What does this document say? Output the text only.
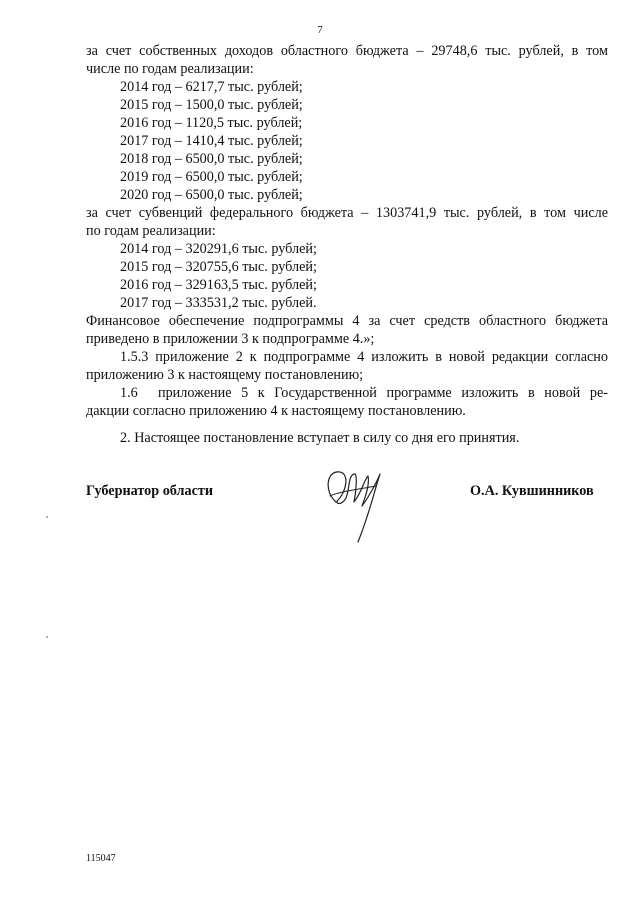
7
за счет собственных доходов областного бюджета – 29748,6 тыс. рублей, в том
числе по годам реализации:
2014 год – 6217,7 тыс. рублей;
2015 год – 1500,0 тыс. рублей;
2016 год – 1120,5 тыс. рублей;
2017 год – 1410,4 тыс. рублей;
2018 год – 6500,0 тыс. рублей;
2019 год – 6500,0 тыс. рублей;
2020 год – 6500,0 тыс. рублей;
за счет субвенций федерального бюджета – 1303741,9 тыс. рублей, в том числе
по годам реализации:
2014 год – 320291,6 тыс. рублей;
2015 год – 320755,6 тыс. рублей;
2016 год – 329163,5 тыс. рублей;
2017 год – 333531,2 тыс. рублей.
Финансовое обеспечение подпрограммы 4 за счет средств областного бюджета
приведено в приложении 3 к подпрограмме 4.»;
1.5.3 приложение 2 к подпрограмме 4 изложить в новой редакции согласно
приложению 3 к настоящему постановлению;
1.6	приложение 5 к Государственной программе изложить в новой ре-
дакции согласно приложению 4 к настоящему постановлению.
2. Настоящее постановление вступает в силу со дня его принятия.
Губернатор области	О.А. Кувшинников
115047
